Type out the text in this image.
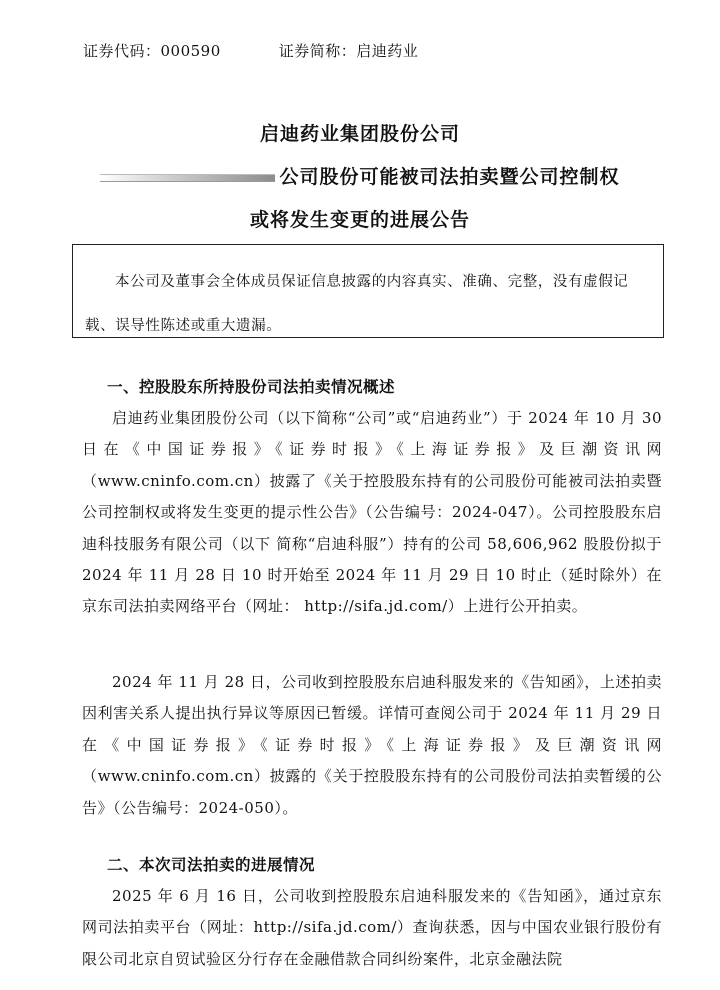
证券代码：000590	证券简称：启迪药业
启迪药业集团股份公司
公司股份可能被司法拍卖暨公司控制权
或将发生变更的进展公告

本公司及董事会全体成员保证信息披露的内容真实、准确、完整，没有虚假记载、误导性陈述或重大遗漏。

一、控股股东所持股份司法拍卖情况概述

启迪药业集团股份公司（以下简称“公司”或“启迪药业”）于 2024 年 10 月 30 日在《中国证券报》《证券时报》《上海证券报》及巨潮资讯网（www.cninfo.com.cn）披露了《关于控股股东持有的公司股份可能被司法拍卖暨公司控制权或将发生变更的提示性公告》（公告编号：2024-047）。公司控股股东启迪科技服务有限公司（以下 简称“启迪科服”）持有的公司 58,606,962 股股份拟于 2024 年 11 月 28 日 10 时开始至 2024 年 11 月 29 日 10 时止（延时除外）在京东司法拍卖网络平台（网址： http://sifa.jd.com/）上进行公开拍卖。

2024 年 11 月 28 日，公司收到控股股东启迪科服发来的《告知函》，上述拍卖因利害关系人提出执行异议等原因已暂缓。详情可查阅公司于 2024 年 11 月 29 日在《中国证券报》《证券时报》《上海证券报》及巨潮资讯网（www.cninfo.com.cn）披露的《关于控股股东持有的公司股份司法拍卖暂缓的公告》（公告编号：2024-050）。

二、本次司法拍卖的进展情况

2025 年 6 月 16 日，公司收到控股股东启迪科服发来的《告知函》，通过京东网司法拍卖平台（网址：http://sifa.jd.com/）查询获悉，因与中国农业银行股份有限公司北京自贸试验区分行存在金融借款合同纠纷案件，北京金融法院
